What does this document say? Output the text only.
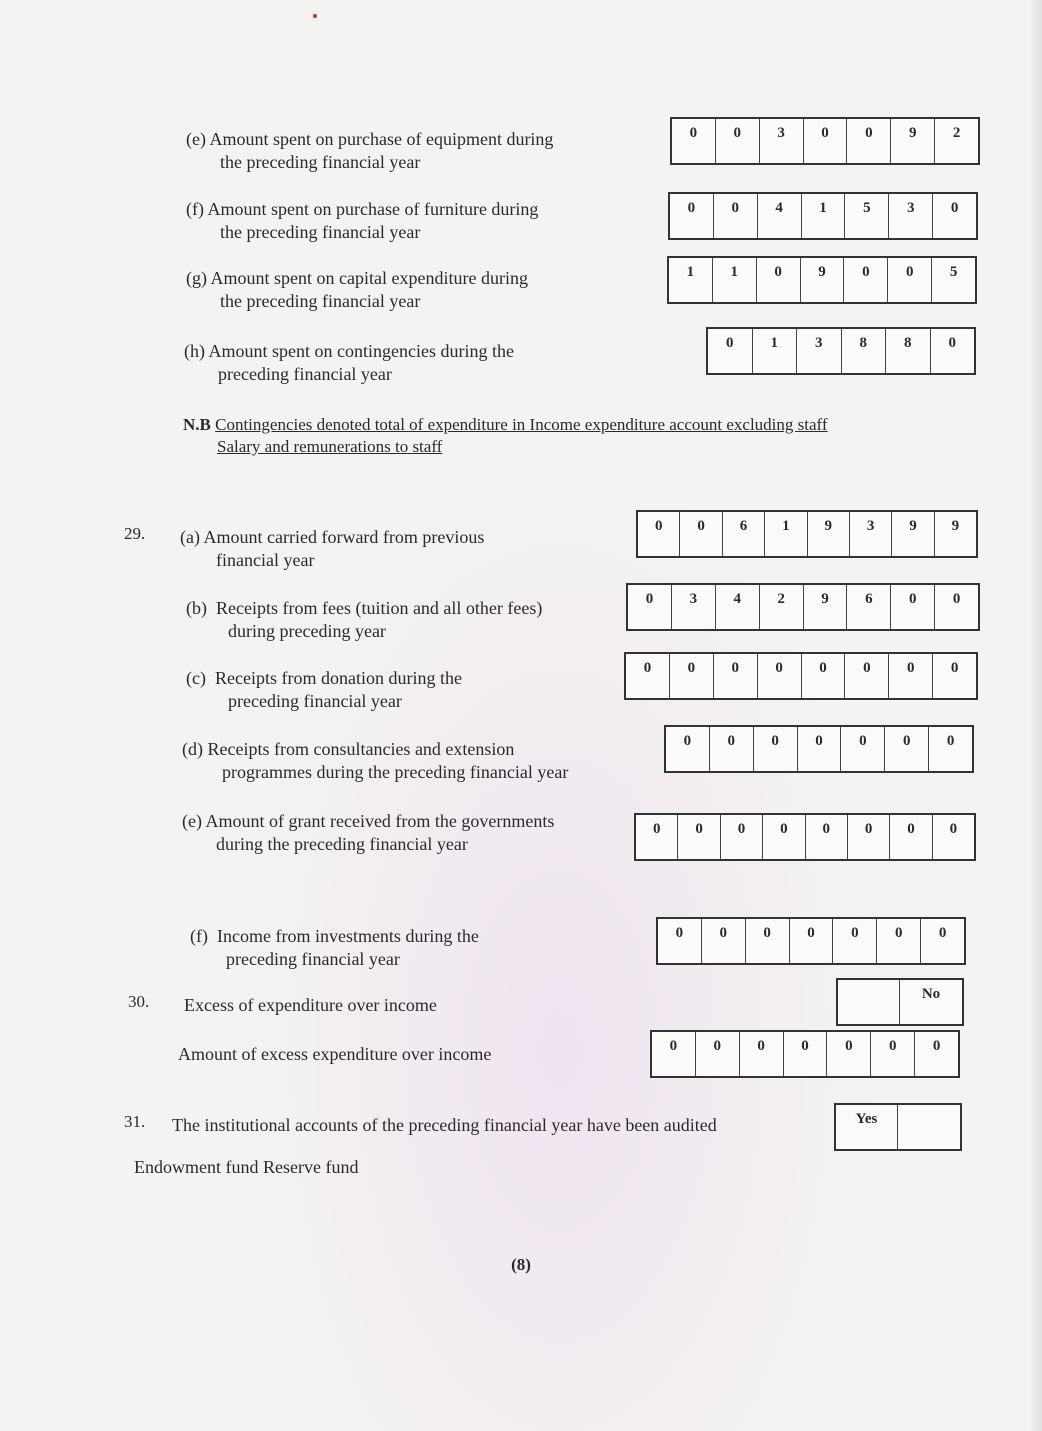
(e) Amount spent on purchase of equipment during
the preceding financial year
0	0	3	0	0	9	2
(f) Amount spent on purchase of furniture during
the preceding financial year
0	0	4	1	5	3	0
(g) Amount spent on capital expenditure during
the preceding financial year
1	1	0	9	0	0	5
(h) Amount spent on contingencies during the
preceding financial year
0	1	3	8	8	0
N.B Contingencies denoted total of expenditure in Income expenditure account excluding staff
Salary and remunerations to staff
29. (a) Amount carried forward from previous
financial year
0	0	6	1	9	3	9	9
(b) Receipts from fees (tuition and all other fees)
during preceding year
0	3	4	2	9	6	0	0
(c) Receipts from donation during the
preceding financial year
0	0	0	0	0	0	0	0
(d) Receipts from consultancies and extension
programmes during the preceding financial year
0	0	0	0	0	0	0
(e) Amount of grant received from the governments
during the preceding financial year
0	0	0	0	0	0	0	0
(f) Income from investments during the
preceding financial year
0	0	0	0	0	0	0
30. Excess of expenditure over income
No
Amount of excess expenditure over income	0	0	0	0	0	0	0
31. The institutional accounts of the preceding financial year have been audited	Yes
Endowment fund Reserve fund
(8)
